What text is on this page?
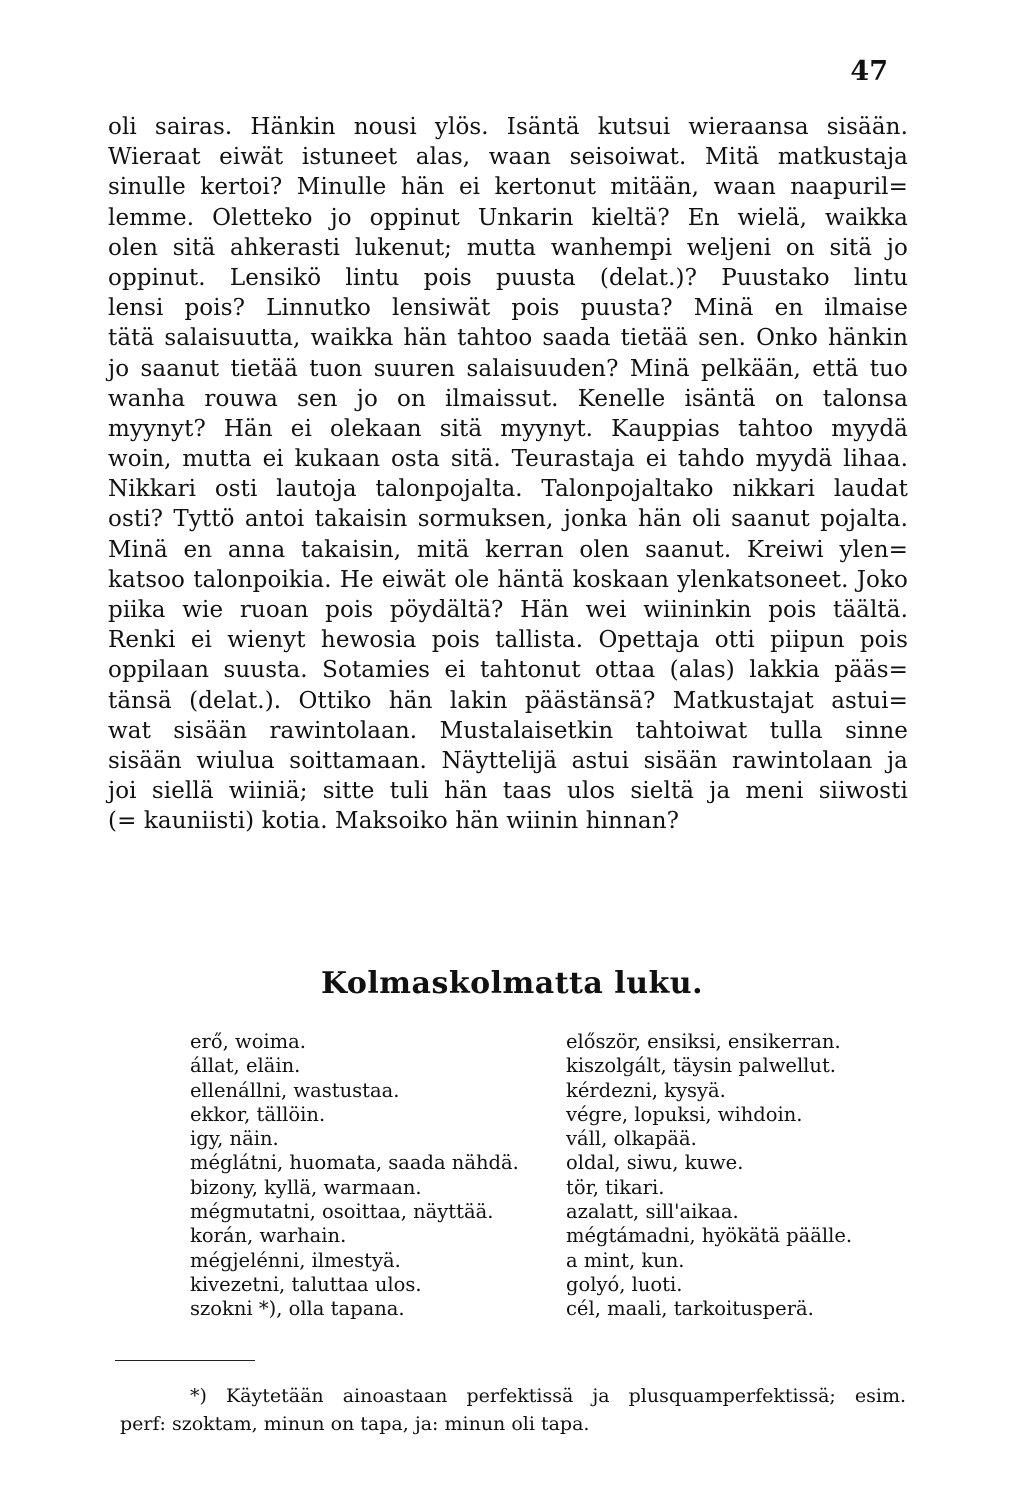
47
oli sairas. Hänkin nousi ylös. Isäntä kutsui wieraansa sisään.
Wieraat eiwät istuneet alas, waan seisoiwat. Mitä matkustaja
sinulle kertoi? Minulle hän ei kertonut mitään, waan naapuril=
lemme. Oletteko jo oppinut Unkarin kieltä? En wielä, waikka
olen sitä ahkerasti lukenut; mutta wanhempi weljeni on sitä jo
oppinut. Lensikö lintu pois puusta (delat.)? Puustako lintu
lensi pois? Linnutko lensiwät pois puusta? Minä en ilmaise
tätä salaisuutta, waikka hän tahtoo saada tietää sen. Onko hänkin
jo saanut tietää tuon suuren salaisuuden? Minä pelkään, että tuo
wanha rouwa sen jo on ilmaissut. Kenelle isäntä on talonsa
myynyt? Hän ei olekaan sitä myynyt. Kauppias tahtoo myydä
woin, mutta ei kukaan osta sitä. Teurastaja ei tahdo myydä lihaa.
Nikkari osti lautoja talonpojalta. Talonpojaltako nikkari laudat
osti? Tyttö antoi takaisin sormuksen, jonka hän oli saanut pojalta.
Minä en anna takaisin, mitä kerran olen saanut. Kreiwi ylen=
katsoo talonpoikia. He eiwät ole häntä koskaan ylenkatsoneet. Joko
piika wie ruoan pois pöydältä? Hän wei wiininkin pois täältä.
Renki ei wienyt hewosia pois tallista. Opettaja otti piipun pois
oppilaan suusta. Sotamies ei tahtonut ottaa (alas) lakkia pääs=
tänsä (delat.). Ottiko hän lakin päästänsä? Matkustajat astui=
wat sisään rawintolaan. Mustalaisetkin tahtoiwat tulla sinne
sisään wiulua soittamaan. Näyttelijä astui sisään rawintolaan ja
joi siellä wiiniä; sitte tuli hän taas ulos sieltä ja meni siiwosti
(= kauniisti) kotia. Maksoiko hän wiinin hinnan?
Kolmaskolmatta luku.
erő, woima.
állat, eläin.
ellenállni, wastustaa.
ekkor, tällöin.
igy, näin.
méglátni, huomata, saada nähdä.
bizony, kyllä, warmaan.
mégmutatni, osoittaa, näyttää.
korán, warhain.
mégjelénni, ilmestyä.
kivezetni, taluttaa ulos.
szokni *), olla tapana.
először, ensiksi, ensikerran.
kiszolgált, täysin palwellut.
kérdezni, kysyä.
végre, lopuksi, wihdoin.
váll, olkapää.
oldal, siwu, kuwe.
tör, tikari.
azalatt, sill'aikaa.
mégtámadni, hyökätä päälle.
a mint, kun.
golyó, luoti.
cél, maali, tarkoitusperä.
*) Käytetään ainoastaan perfektissä ja plusquamperfektissä; esim.
perf: szoktam, minun on tapa, ja: minun oli tapa.
